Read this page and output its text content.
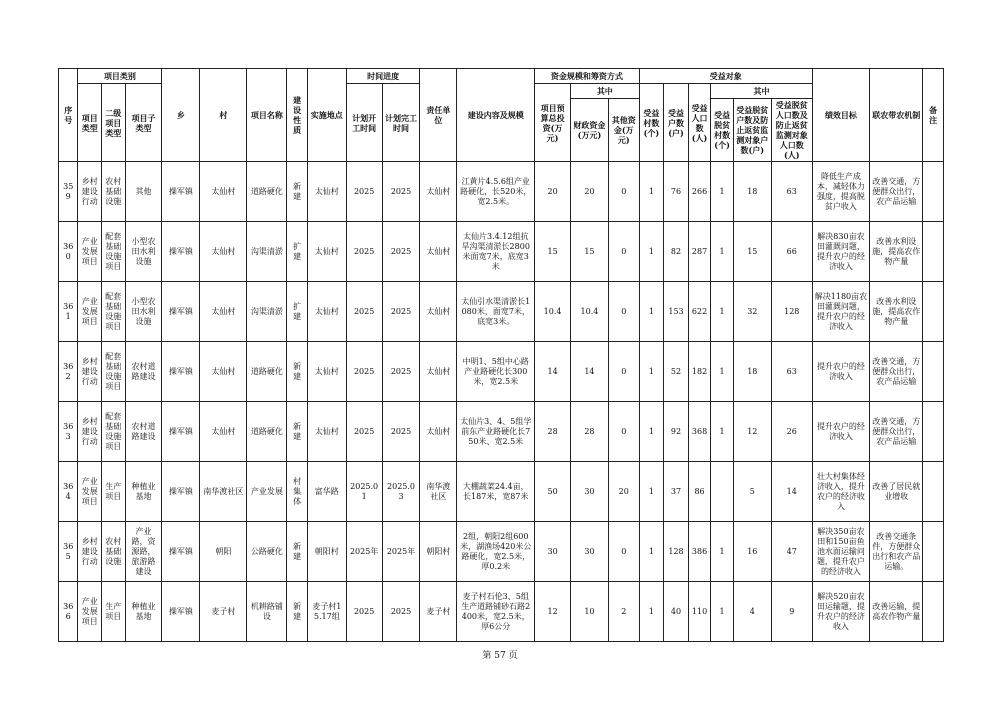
序号	项目类别			乡	村	项目名称	建设性质	实施地点	时间进度		责任单位	建设内容及规模	资金规模和筹资方式			受益对象						绩效目标	联农带农机制	备注
	项目类型	二级项目类型	项目子类型						计划开工时间	计划完工时间			项目预算总投资(万元)	其中		受益村数(个)	受益户数(户)	受益人口数(人)	其中					
														财政资金(万元)	其他资金(万元)				受益脱贫村数(个)	受益脱贫户数及防止返贫监测对象户数(户)	受益脱贫人口数及防止返贫监测对象人口数(人)			
359	乡村建设行动	农村基础设施	其他	操军镇	太仙村	道路硬化	新建	太仙村	2025	2025	太仙村	江黄片4.5.6组产业路硬化，长520米，宽2.5米。	20	20	0	1	76	266	1	18	63	降低生产成本，减轻体力强度，提高脱贫户收入	改善交通，方便群众出行，农产品运输	
360	产业发展项目	配套基础设施项目	小型农田水利设施	操军镇	太仙村	沟渠清淤	扩建	太仙村	2025	2025	太仙村	太仙片3.4.12组抗旱沟渠清淤长2800米面宽7米，底宽3米	15	15	0	1	82	287	1	15	66	解决830亩农田灌溉问题，提升农户的经济收入	改善水利设施，提高农作物产量	
361	产业发展项目	配套基础设施项目	小型农田水利设施	操军镇	太仙村	沟渠清淤	扩建	太仙村	2025	2025	太仙村	太仙引水渠清淤长1080米，面宽7米，底宽3米。	10.4	10.4	0	1	153	622	1	32	128	解决1180亩农田灌溉问题，提升农户的经济收入	改善水利设施，提高农作物产量	
362	乡村建设行动	配套基础设施项目	农村道路建设	操军镇	太仙村	道路硬化	新建	太仙村	2025	2025	太仙村	中明1、5组中心路产业路硬化长300米，宽2.5米	14	14	0	1	52	182	1	18	63	提升农户的经济收入	改善交通，方便群众出行，农产品运输	
363	乡村建设行动	配套基础设施项目	农村道路建设	操军镇	太仙村	道路硬化	新建	太仙村	2025	2025	太仙村	太仙片3、4、5组学前东产业路硬化长750米、宽2.5米	28	28	0	1	92	368	1	12	26	提升农户的经济收入	改善交通，方便群众出行，农产品运输	
364	产业发展项目	生产项目	种植业基地	操军镇	南华渡社区	产业发展	村集体	富华路	2025.01	2025.03	南华渡社区	大棚蔬菜24.4亩，长187米，宽87米	50	30	20	1	37	86		5	14	壮大村集体经济收入，提升农户的经济收入	改善了居民就业增收	
365	乡村建设行动	农村基础设施	产业路，资源路，旅游路建设	操军镇	朝阳	公路硬化	新建	朝阳村	2025年	2025年	朝阳村	2组，朝阳2组600米，湖渔场420米公路硬化，宽2.5米，厚0.2米	30	30	0	1	128	386	1	16	47	解决350亩农田和150亩鱼池水面运输问题，提升农户的经济收入	改善交通条件，方便群众出行和农产品运输。	
366	产业发展项目	生产项目	种植业基地	操军镇	麦子村	机耕路铺设	新建	麦子村15.17组	2025	2025	麦子村	麦子村石伦3、5组生产道路铺砂石路2400米，宽2.5米，厚6公分	12	10	2	1	40	110	1	4	9	解决520亩农田运输题，提升农户的经济收入	改善运输，提高农作物产量	
第 57 页
